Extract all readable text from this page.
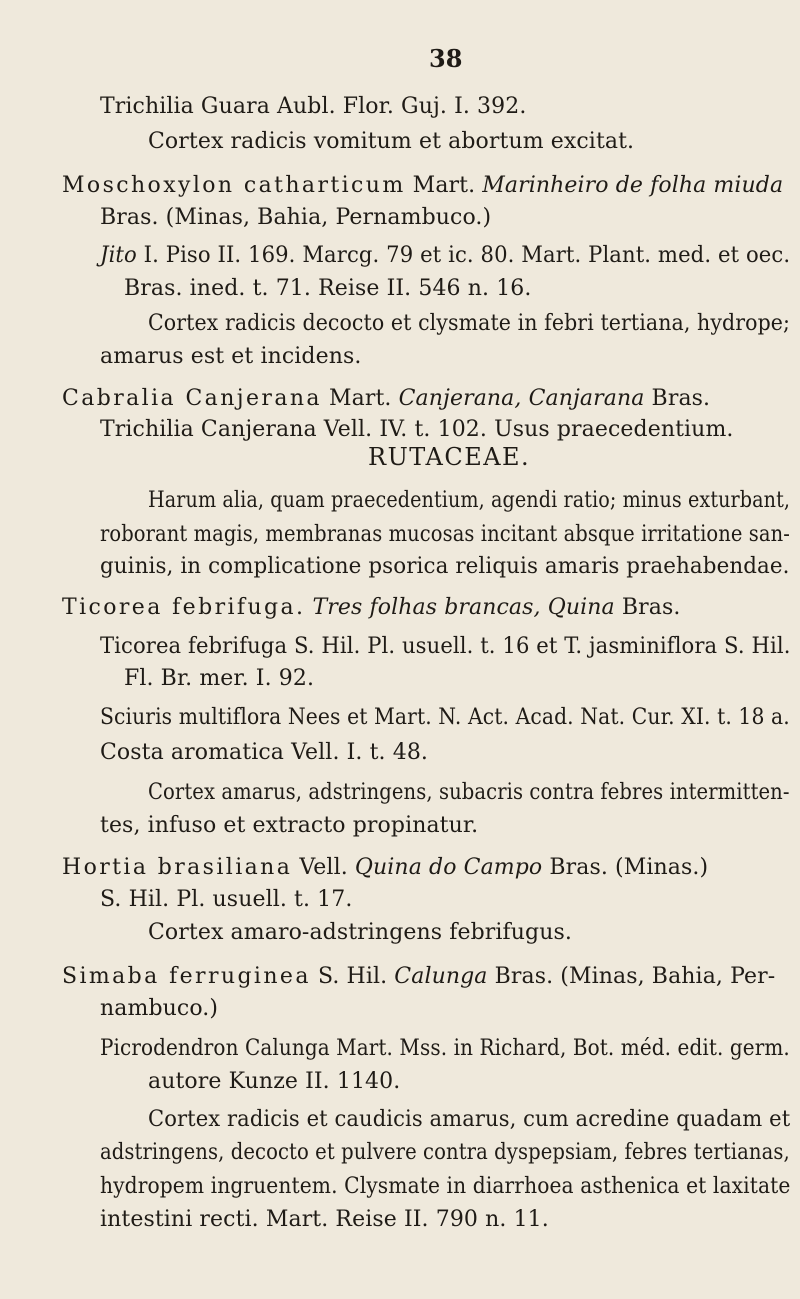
38
Trichilia Guara Aubl. Flor. Guj. I. 392.
Cortex radicis vomitum et abortum excitat.
Moschoxylon catharticum Mart. Marinheiro de folha miuda
Bras. (Minas, Bahia, Pernambuco.)
Jito I. Piso II. 169. Marcg. 79 et ic. 80. Mart. Plant. med. et oec.
Bras. ined. t. 71. Reise II. 546 n. 16.
Cortex radicis decocto et clysmate in febri tertiana, hydrope;
amarus est et incidens.
Cabralia Canjerana Mart. Canjerana, Canjarana Bras.
Trichilia Canjerana Vell. IV. t. 102. Usus praecedentium.
RUTACEAE.
Harum alia, quam praecedentium, agendi ratio; minus exturbant,
roborant magis, membranas mucosas incitant absque irritatione san-
guinis, in complicatione psorica reliquis amaris praehabendae.
Ticorea febrifuga. Tres folhas brancas, Quina Bras.
Ticorea febrifuga S. Hil. Pl. usuell. t. 16 et T. jasminiflora S. Hil.
Fl. Br. mer. I. 92.
Sciuris multiflora Nees et Mart. N. Act. Acad. Nat. Cur. XI. t. 18 a.
Costa aromatica Vell. I. t. 48.
Cortex amarus, adstringens, subacris contra febres intermitten-
tes, infuso et extracto propinatur.
Hortia brasiliana Vell. Quina do Campo Bras. (Minas.)
S. Hil. Pl. usuell. t. 17.
Cortex amaro-adstringens febrifugus.
Simaba ferruginea S. Hil. Calunga Bras. (Minas, Bahia, Per-
nambuco.)
Picrodendron Calunga Mart. Mss. in Richard, Bot. méd. edit. germ.
autore Kunze II. 1140.
Cortex radicis et caudicis amarus, cum acredine quadam et
adstringens, decocto et pulvere contra dyspepsiam, febres tertianas,
hydropem ingruentem. Clysmate in diarrhoea asthenica et laxitate
intestini recti. Mart. Reise II. 790 n. 11.
